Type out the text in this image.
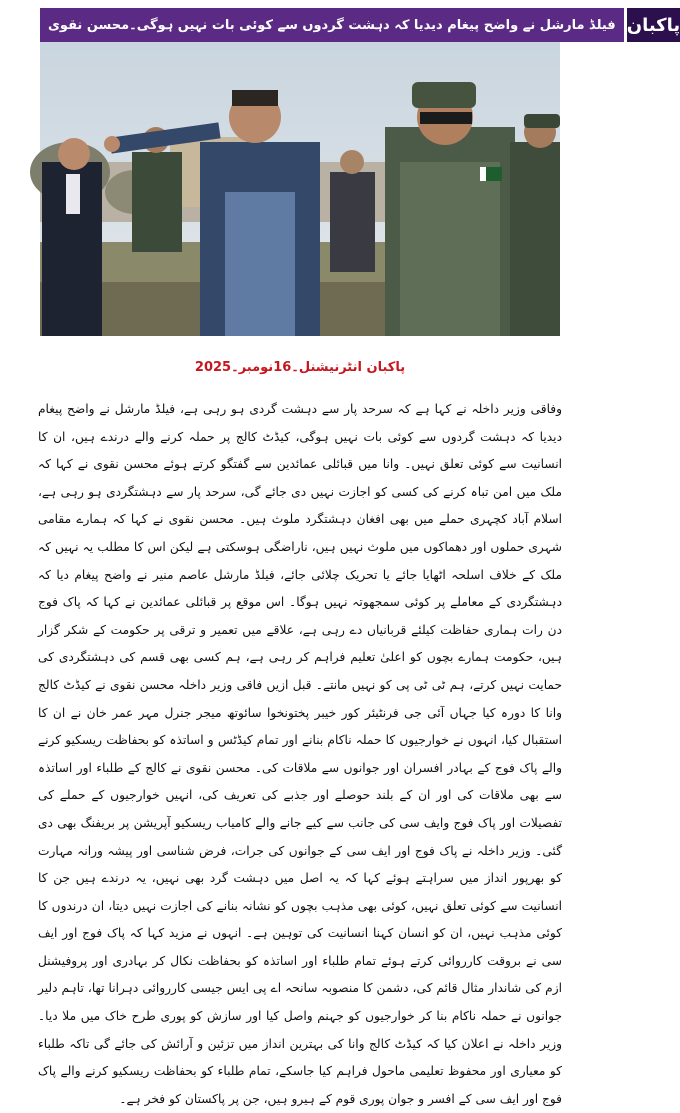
فیلڈ مارشل نے واضح پیغام دیدیا کہ دہشت گردوں سے کوئی بات نہیں ہوگی۔محسن نقوی پاکبان
پاکبان انٹرنیشنل۔16نومبر۔2025
وفاقی وزیر داخلہ نے کہا ہے کہ سرحد پار سے دہشت گردی ہو رہی ہے، فیلڈ مارشل نے واضح پیغام دیدیا کہ دہشت گردوں سے کوئی بات نہیں ہوگی، کیڈٹ کالج پر حملہ کرنے والے درندے ہیں، ان کا انسانیت سے کوئی تعلق نہیں۔ وانا میں قبائلی عمائدین سے گفتگو کرتے ہوئے محسن نقوی نے کہا کہ ملک میں امن تباہ کرنے کی کسی کو اجازت نہیں دی جائے گی، سرحد پار سے دہشتگردی ہو رہی ہے، اسلام آباد کچہری حملے میں بھی افغان دہشتگرد ملوث ہیں۔ محسن نقوی نے کہا کہ ہمارے مقامی شہری حملوں اور دھماکوں میں ملوث نہیں ہیں، ناراضگی ہوسکتی ہے لیکن اس کا مطلب یہ نہیں کہ ملک کے خلاف اسلحہ اٹھایا جائے یا تحریک چلائی جائے، فیلڈ مارشل عاصم منیر نے واضح پیغام دیا کہ دہشتگردی کے معاملے پر کوئی سمجھوتہ نہیں ہوگا۔ اس موقع پر قبائلی عمائدین نے کہا کہ پاک فوج دن رات ہماری حفاظت کیلئے قربانیاں دے رہی ہے، علاقے میں تعمیر و ترقی پر حکومت کے شکر گزار ہیں، حکومت ہمارے بچوں کو اعلیٰ تعلیم فراہم کر رہی ہے، ہم کسی بھی قسم کی دہشتگردی کی حمایت نہیں کرتے، ہم ٹی ٹی پی کو نہیں مانتے۔ قبل ازیں فاقی وزیر داخلہ محسن نقوی نے کیڈٹ کالج وانا کا دورہ کیا جہاں آئی جی فرنٹیئر کور خیبر پختونخوا سائوتھ میجر جنرل مہر عمر خان نے ان کا استقبال کیا، انہوں نے خوارجیوں کا حملہ ناکام بنانے اور تمام کیڈٹس و اساتذہ کو بحفاظت ریسکیو کرنے والے پاک فوج کے بہادر افسران اور جوانوں سے ملاقات کی۔ محسن نقوی نے کالج کے طلباء اور اساتذہ سے بھی ملاقات کی اور ان کے بلند حوصلے اور جذبے کی تعریف کی، انہیں خوارجیوں کے حملے کی تفصیلات اور پاک فوج وایف سی کی جانب سے کیے جانے والے کامیاب ریسکیو آپریشن پر بریفنگ بھی دی گئی۔ وزیر داخلہ نے پاک فوج اور ایف سی کے جوانوں کی جرات، فرض شناسی اور پیشہ ورانہ مہارت کو بھرپور انداز میں سراہتے ہوئے کہا کہ یہ اصل میں دہشت گرد بھی نہیں، یہ درندے ہیں جن کا انسانیت سے کوئی تعلق نہیں، کوئی بھی مذہب بچوں کو نشانہ بنانے کی اجازت نہیں دیتا، ان درندوں کا کوئی مذہب نہیں، ان کو انسان کہنا انسانیت کی توہین ہے۔ انہوں نے مزید کہا کہ پاک فوج اور ایف سی نے بروقت کارروائی کرتے ہوئے تمام طلباء اور اساتذہ کو بحفاظت نکال کر بہادری اور پروفیشنل ازم کی شاندار مثال قائم کی، دشمن کا منصوبہ سانحہ اے پی ایس جیسی کارروائی دہرانا تھا، تاہم دلیر جوانوں نے حملہ ناکام بنا کر خوارجیوں کو جہنم واصل کیا اور سازش کو پوری طرح خاک میں ملا دیا۔ وزیر داخلہ نے اعلان کیا کہ کیڈٹ کالج وانا کی بہترین انداز میں تزئین و آرائش کی جائے گی تاکہ طلباء کو معیاری اور محفوظ تعلیمی ماحول فراہم کیا جاسکے، تمام طلباء کو بحفاظت ریسکیو کرنے والے پاک فوج اور ایف سی کے افسر و جوان پوری قوم کے ہیرو ہیں، جن پر پاکستان کو فخر ہے۔
